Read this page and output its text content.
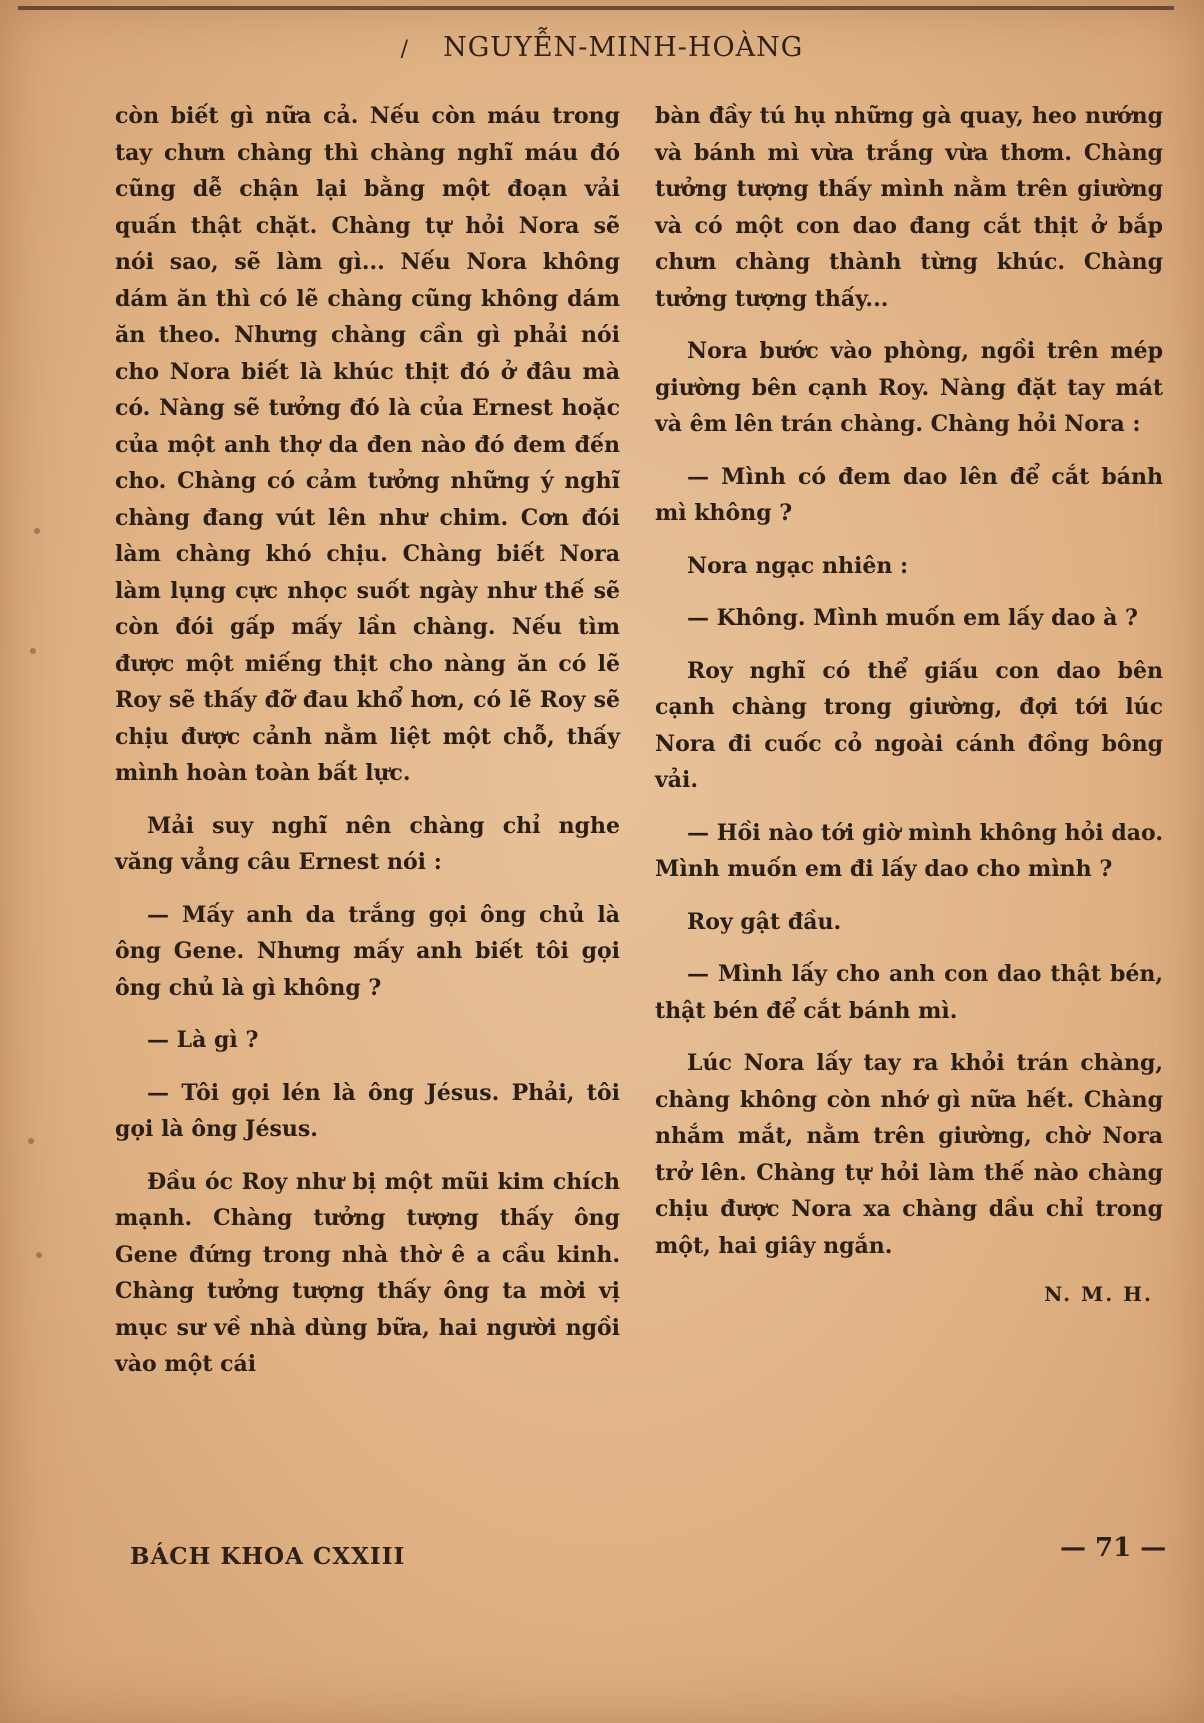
/ NGUYỄN-MINH-HOÀNG

còn biết gì nữa cả. Nếu còn máu trong tay chưn chàng thì chàng nghĩ máu đó cũng dễ chận lại bằng một đoạn vải quấn thật chặt. Chàng tự hỏi Nora sẽ nói sao, sẽ làm gì... Nếu Nora không dám ăn thì có lẽ chàng cũng không dám ăn theo. Nhưng chàng cần gì phải nói cho Nora biết là khúc thịt đó ở đâu mà có. Nàng sẽ tưởng đó là của Ernest hoặc của một anh thợ da đen nào đó đem đến cho. Chàng có cảm tưởng những ý nghĩ chàng đang vút lên như chim. Cơn đói làm chàng khó chịu. Chàng biết Nora làm lụng cực nhọc suốt ngày như thế sẽ còn đói gấp mấy lần chàng. Nếu tìm được một miếng thịt cho nàng ăn có lẽ Roy sẽ thấy đỡ đau khổ hơn, có lẽ Roy sẽ chịu được cảnh nằm liệt một chỗ, thấy mình hoàn toàn bất lực.

Mải suy nghĩ nên chàng chỉ nghe văng vẳng câu Ernest nói :

— Mấy anh da trắng gọi ông chủ là ông Gene. Nhưng mấy anh biết tôi gọi ông chủ là gì không ?

— Là gì ?

— Tôi gọi lén là ông Jésus. Phải, tôi gọi là ông Jésus.

Đầu óc Roy như bị một mũi kim chích mạnh. Chàng tưởng tượng thấy ông Gene đứng trong nhà thờ ê a cầu kinh. Chàng tưởng tượng thấy ông ta mời vị mục sư về nhà dùng bữa, hai người ngồi vào một cái

bàn đầy tú hụ những gà quay, heo nướng và bánh mì vừa trắng vừa thơm. Chàng tưởng tượng thấy mình nằm trên giường và có một con dao đang cắt thịt ở bắp chưn chàng thành từng khúc. Chàng tưởng tượng thấy...

Nora bước vào phòng, ngồi trên mép giường bên cạnh Roy. Nàng đặt tay mát và êm lên trán chàng. Chàng hỏi Nora :

— Mình có đem dao lên để cắt bánh mì không ?

Nora ngạc nhiên :

— Không. Mình muốn em lấy dao à ?

Roy nghĩ có thể giấu con dao bên cạnh chàng trong giường, đợi tới lúc Nora đi cuốc cỏ ngoài cánh đồng bông vải.

— Hồi nào tới giờ mình không hỏi dao. Mình muốn em đi lấy dao cho mình ?

Roy gật đầu.

— Mình lấy cho anh con dao thật bén, thật bén để cắt bánh mì.

Lúc Nora lấy tay ra khỏi trán chàng, chàng không còn nhớ gì nữa hết. Chàng nhắm mắt, nằm trên giường, chờ Nora trở lên. Chàng tự hỏi làm thế nào chàng chịu được Nora xa chàng dầu chỉ trong một, hai giây ngắn.

N. M. H.
BÁCH KHOA CXXIII	— 71 —
